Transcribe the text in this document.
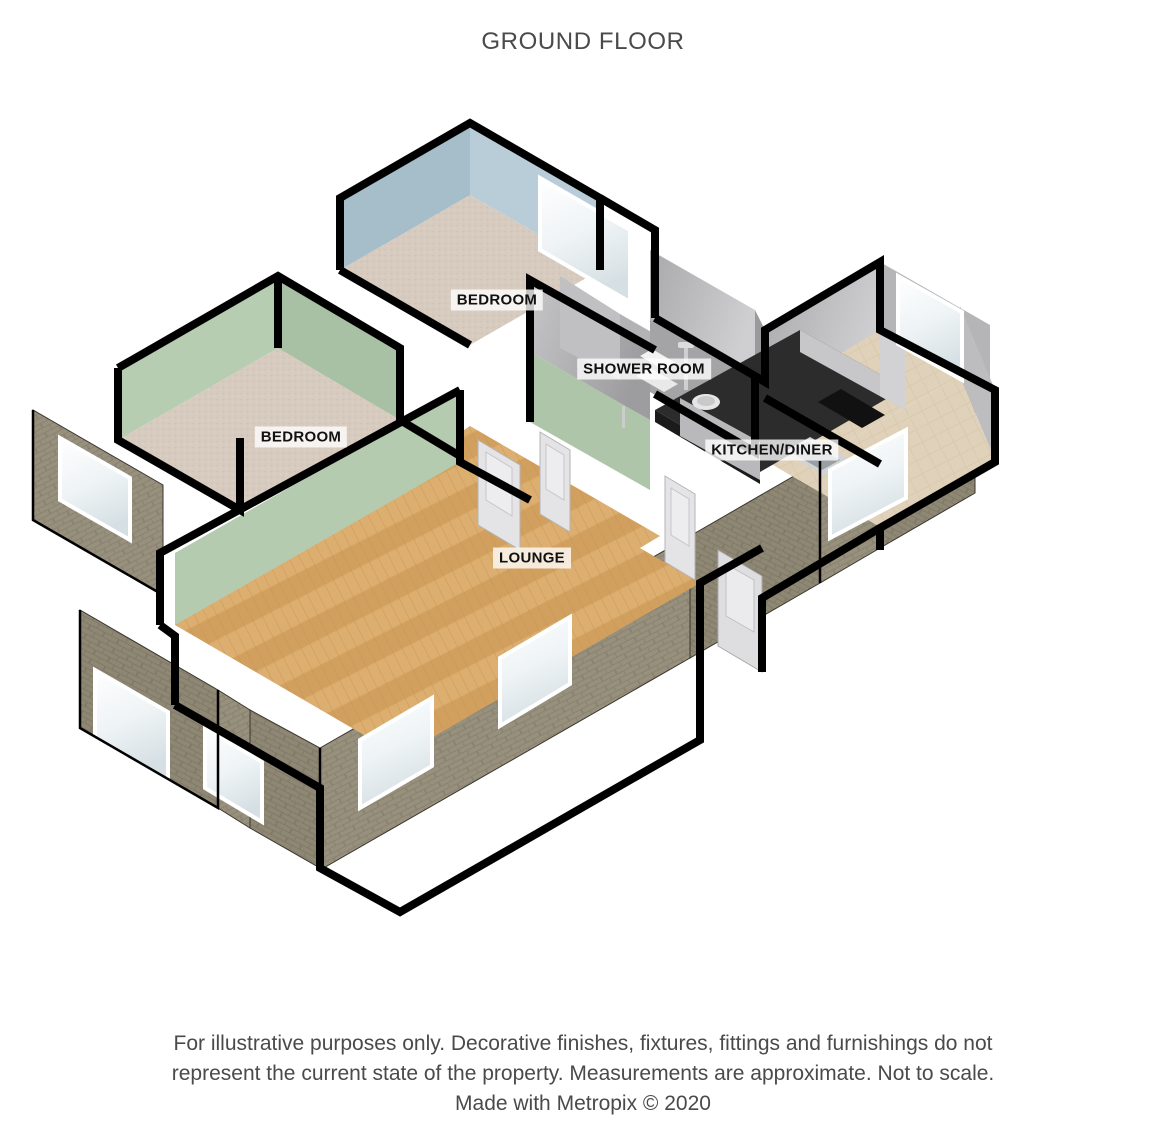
GROUND FLOOR
BEDROOM
BEDROOM
SHOWER ROOM
KITCHEN/DINER
LOUNGE
For illustrative purposes only. Decorative finishes, fixtures, fittings and furnishings do not
represent the current state of the property. Measurements are approximate. Not to scale.
Made with Metropix © 2020
